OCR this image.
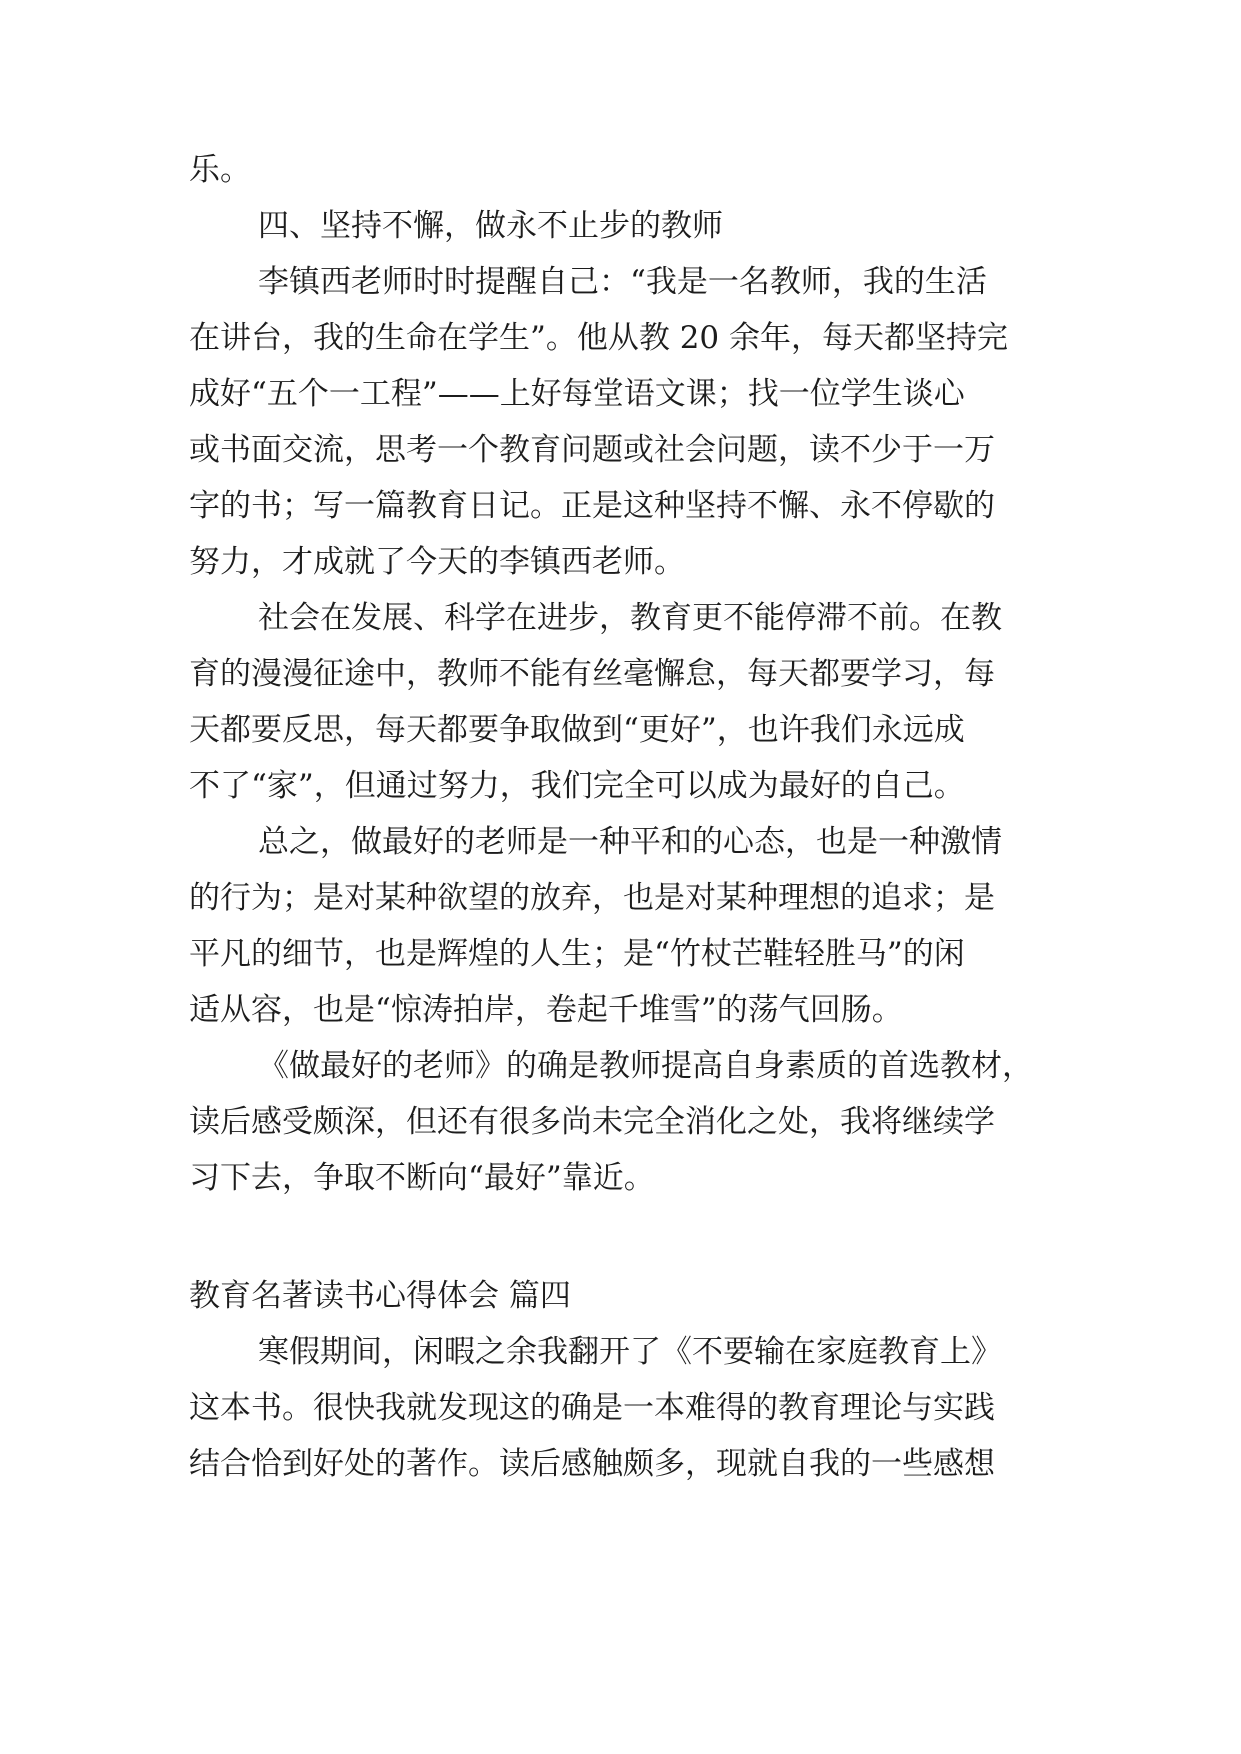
乐。
四、坚持不懈，做永不止步的教师
李镇西老师时时提醒自己：“我是一名教师，我的生活
在讲台，我的生命在学生”。他从教 20 余年，每天都坚持完
成好“五个一工程”——上好每堂语文课；找一位学生谈心
或书面交流，思考一个教育问题或社会问题，读不少于一万
字的书；写一篇教育日记。正是这种坚持不懈、永不停歇的
努力，才成就了今天的李镇西老师。
社会在发展、科学在进步，教育更不能停滞不前。在教
育的漫漫征途中，教师不能有丝毫懈怠，每天都要学习，每
天都要反思，每天都要争取做到“更好”，也许我们永远成
不了“家”，但通过努力，我们完全可以成为最好的自己。
总之，做最好的老师是一种平和的心态，也是一种激情
的行为；是对某种欲望的放弃，也是对某种理想的追求；是
平凡的细节，也是辉煌的人生；是“竹杖芒鞋轻胜马”的闲
适从容，也是“惊涛拍岸，卷起千堆雪”的荡气回肠。
《做最好的老师》的确是教师提高自身素质的首选教材，
读后感受颇深，但还有很多尚未完全消化之处，我将继续学
习下去，争取不断向“最好”靠近。
教育名著读书心得体会 篇四
寒假期间，闲暇之余我翻开了《不要输在家庭教育上》
这本书。很快我就发现这的确是一本难得的教育理论与实践
结合恰到好处的著作。读后感触颇多，现就自我的一些感想
